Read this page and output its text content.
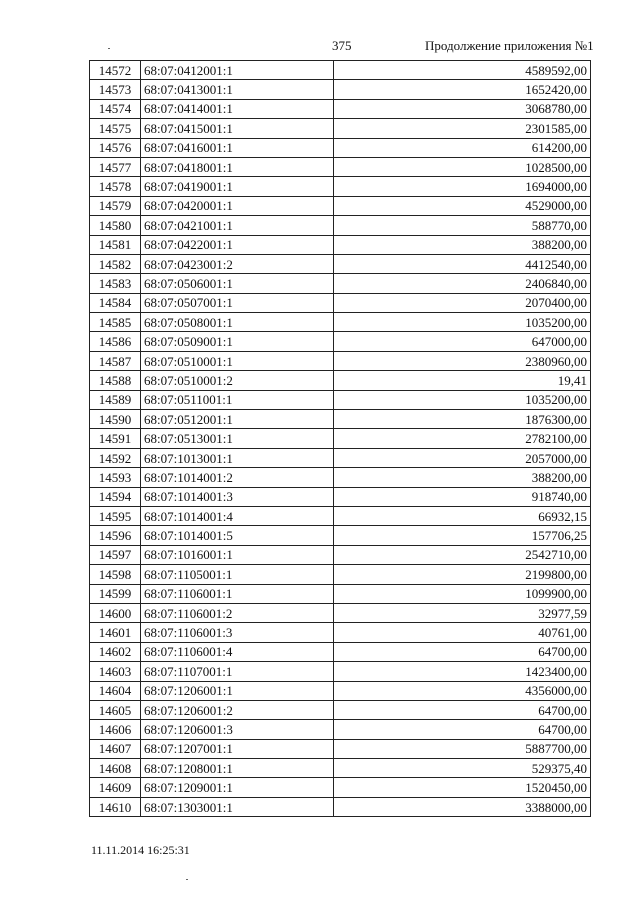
375	Продолжение приложения №1
14572	68:07:0412001:1	4589592,00
14573	68:07:0413001:1	1652420,00
14574	68:07:0414001:1	3068780,00
14575	68:07:0415001:1	2301585,00
14576	68:07:0416001:1	614200,00
14577	68:07:0418001:1	1028500,00
14578	68:07:0419001:1	1694000,00
14579	68:07:0420001:1	4529000,00
14580	68:07:0421001:1	588770,00
14581	68:07:0422001:1	388200,00
14582	68:07:0423001:2	4412540,00
14583	68:07:0506001:1	2406840,00
14584	68:07:0507001:1	2070400,00
14585	68:07:0508001:1	1035200,00
14586	68:07:0509001:1	647000,00
14587	68:07:0510001:1	2380960,00
14588	68:07:0510001:2	19,41
14589	68:07:0511001:1	1035200,00
14590	68:07:0512001:1	1876300,00
14591	68:07:0513001:1	2782100,00
14592	68:07:1013001:1	2057000,00
14593	68:07:1014001:2	388200,00
14594	68:07:1014001:3	918740,00
14595	68:07:1014001:4	66932,15
14596	68:07:1014001:5	157706,25
14597	68:07:1016001:1	2542710,00
14598	68:07:1105001:1	2199800,00
14599	68:07:1106001:1	1099900,00
14600	68:07:1106001:2	32977,59
14601	68:07:1106001:3	40761,00
14602	68:07:1106001:4	64700,00
14603	68:07:1107001:1	1423400,00
14604	68:07:1206001:1	4356000,00
14605	68:07:1206001:2	64700,00
14606	68:07:1206001:3	64700,00
14607	68:07:1207001:1	5887700,00
14608	68:07:1208001:1	529375,40
14609	68:07:1209001:1	1520450,00
14610	68:07:1303001:1	3388000,00
11.11.2014 16:25:31
